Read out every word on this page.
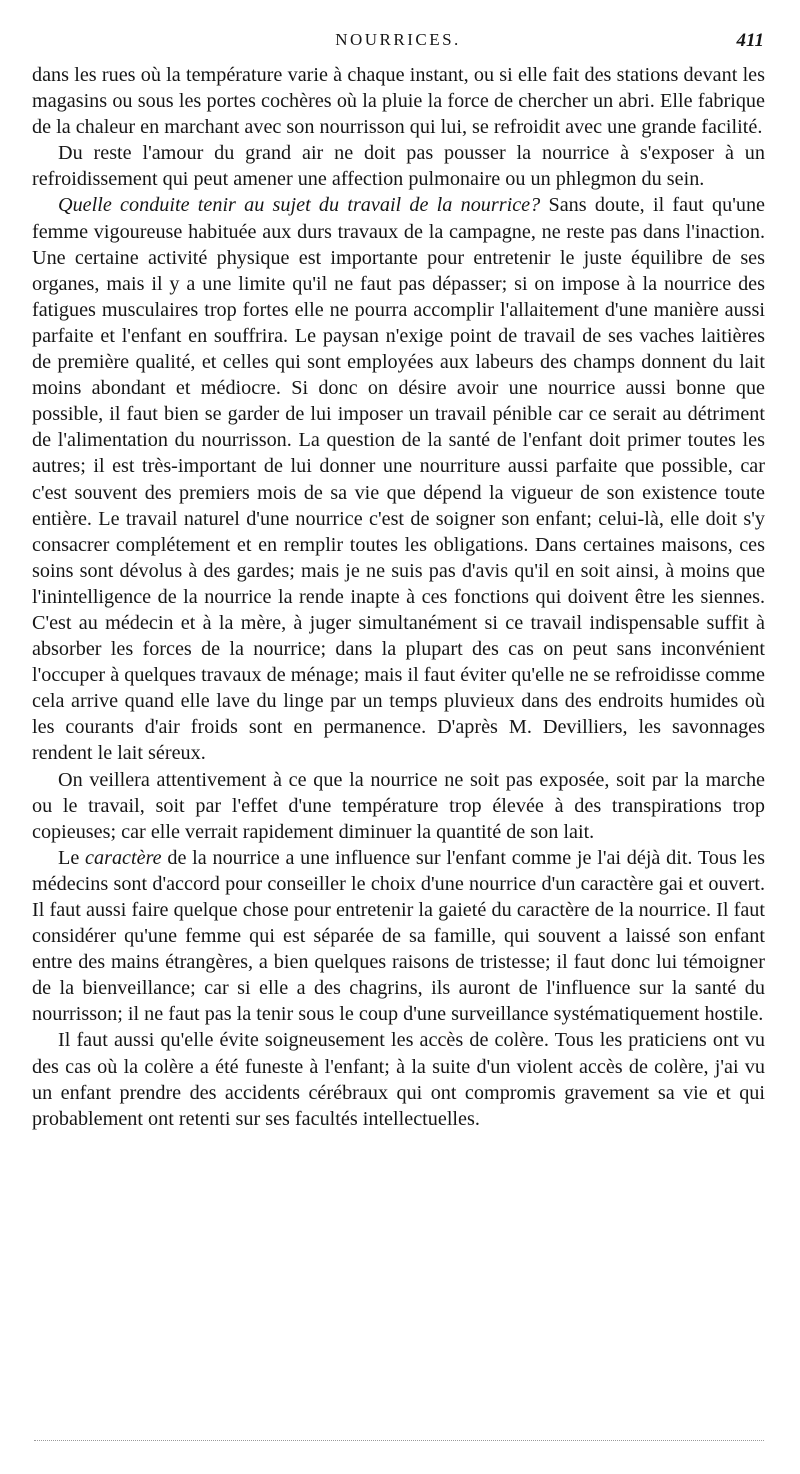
NOURRICES.	411

dans les rues où la température varie à chaque instant, ou si elle fait des stations devant les magasins ou sous les portes cochères où la pluie la force de chercher un abri. Elle fabrique de la chaleur en marchant avec son nourrisson qui lui, se refroidit avec une grande facilité.

Du reste l'amour du grand air ne doit pas pousser la nourrice à s'exposer à un refroidissement qui peut amener une affection pulmonaire ou un phlegmon du sein.

Quelle conduite tenir au sujet du travail de la nourrice? Sans doute, il faut qu'une femme vigoureuse habituée aux durs travaux de la campagne, ne reste pas dans l'inaction. Une certaine activité physique est importante pour entretenir le juste équilibre de ses organes, mais il y a une limite qu'il ne faut pas dépasser; si on impose à la nourrice des fatigues musculaires trop fortes elle ne pourra accomplir l'allaitement d'une manière aussi parfaite et l'enfant en souffrira. Le paysan n'exige point de travail de ses vaches laitières de première qualité, et celles qui sont employées aux labeurs des champs donnent du lait moins abondant et médiocre. Si donc on désire avoir une nourrice aussi bonne que possible, il faut bien se garder de lui imposer un travail pénible car ce serait au détriment de l'alimentation du nourrisson. La question de la santé de l'enfant doit primer toutes les autres; il est très-important de lui donner une nourriture aussi parfaite que possible, car c'est souvent des premiers mois de sa vie que dépend la vigueur de son existence toute entière. Le travail naturel d'une nourrice c'est de soigner son enfant; celui-là, elle doit s'y consacrer complétement et en remplir toutes les obligations. Dans certaines maisons, ces soins sont dévolus à des gardes; mais je ne suis pas d'avis qu'il en soit ainsi, à moins que l'inintelligence de la nourrice la rende inapte à ces fonctions qui doivent être les siennes. C'est au médecin et à la mère, à juger simultanément si ce travail indispensable suffit à absorber les forces de la nourrice; dans la plupart des cas on peut sans inconvénient l'occuper à quelques travaux de ménage; mais il faut éviter qu'elle ne se refroidisse comme cela arrive quand elle lave du linge par un temps pluvieux dans des endroits humides où les courants d'air froids sont en permanence. D'après M. Devilliers, les savonnages rendent le lait séreux.

On veillera attentivement à ce que la nourrice ne soit pas exposée, soit par la marche ou le travail, soit par l'effet d'une température trop élevée à des transpirations trop copieuses; car elle verrait rapidement diminuer la quantité de son lait.

Le caractère de la nourrice a une influence sur l'enfant comme je l'ai déjà dit. Tous les médecins sont d'accord pour conseiller le choix d'une nourrice d'un caractère gai et ouvert. Il faut aussi faire quelque chose pour entretenir la gaieté du caractère de la nourrice. Il faut considérer qu'une femme qui est séparée de sa famille, qui souvent a laissé son enfant entre des mains étrangères, a bien quelques raisons de tristesse; il faut donc lui témoigner de la bienveillance; car si elle a des chagrins, ils auront de l'influence sur la santé du nourrisson; il ne faut pas la tenir sous le coup d'une surveillance systématiquement hostile.

Il faut aussi qu'elle évite soigneusement les accès de colère. Tous les praticiens ont vu des cas où la colère a été funeste à l'enfant; à la suite d'un violent accès de colère, j'ai vu un enfant prendre des accidents cérébraux qui ont compromis gravement sa vie et qui probablement ont retenti sur ses facultés intellectuelles.
